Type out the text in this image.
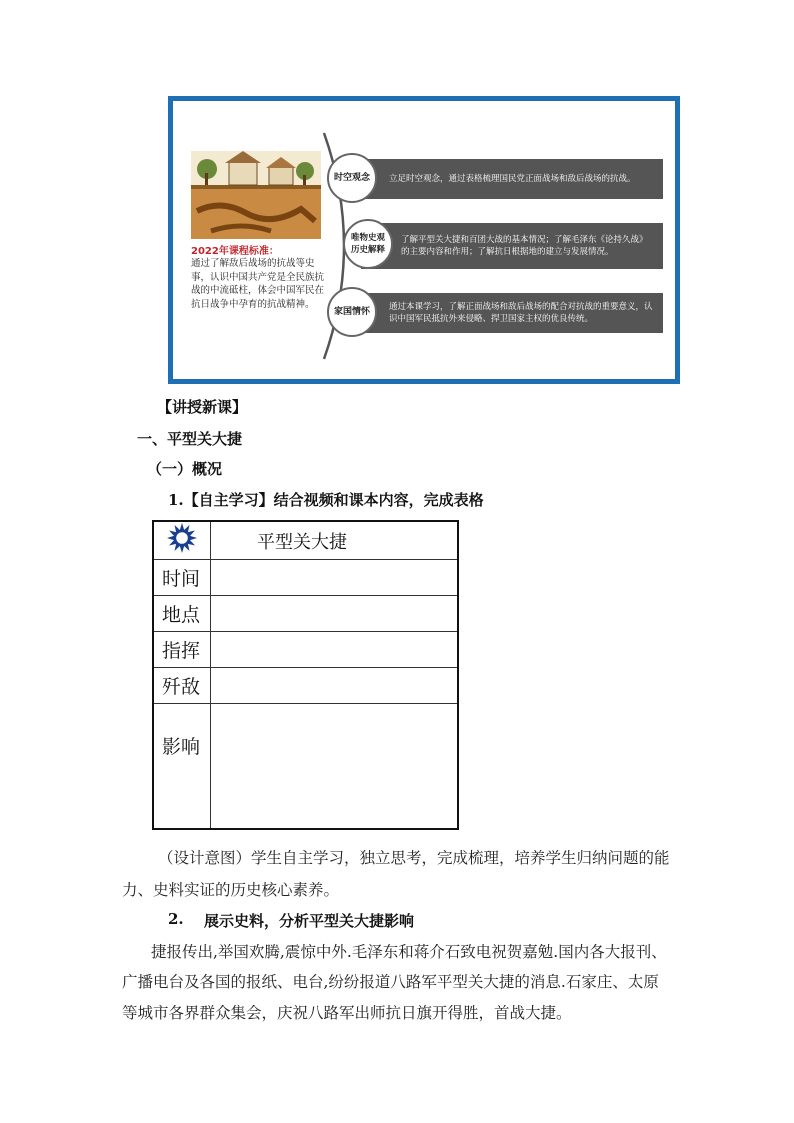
2022年课程标准：
通过了解敌后战场的抗战等史事，认识中国共产党是全民族抗战的中流砥柱，体会中国军民在抗日战争中孕育的抗战精神。
立足时空观念，通过表格梳理国民党正面战场和敌后战场的抗战。
时空观念
了解平型关大捷和百团大战的基本情况；了解毛泽东《论持久战》的主要内容和作用；了解抗日根据地的建立与发展情况。
唯物史观
历史解释
通过本课学习，了解正面战场和敌后战场的配合对抗战的重要意义，认识中国军民抵抗外来侵略、捍卫国家主权的优良传统。
家国情怀
【讲授新课】
一、平型关大捷
（一）概况
1.【自主学习】结合视频和课本内容，完成表格
	平型关大捷
时间	
地点	
指挥	
歼敌	
影响	
（设计意图）学生自主学习，独立思考，完成梳理，培养学生归纳问题的能
力、史料实证的历史核心素养。
2. 展示史料，分析平型关大捷影响
捷报传出,举国欢腾,震惊中外.毛泽东和蒋介石致电祝贺嘉勉.国内各大报刊、
广播电台及各国的报纸、电台,纷纷报道八路军平型关大捷的消息.石家庄、太原
等城市各界群众集会，庆祝八路军出师抗日旗开得胜，首战大捷。
